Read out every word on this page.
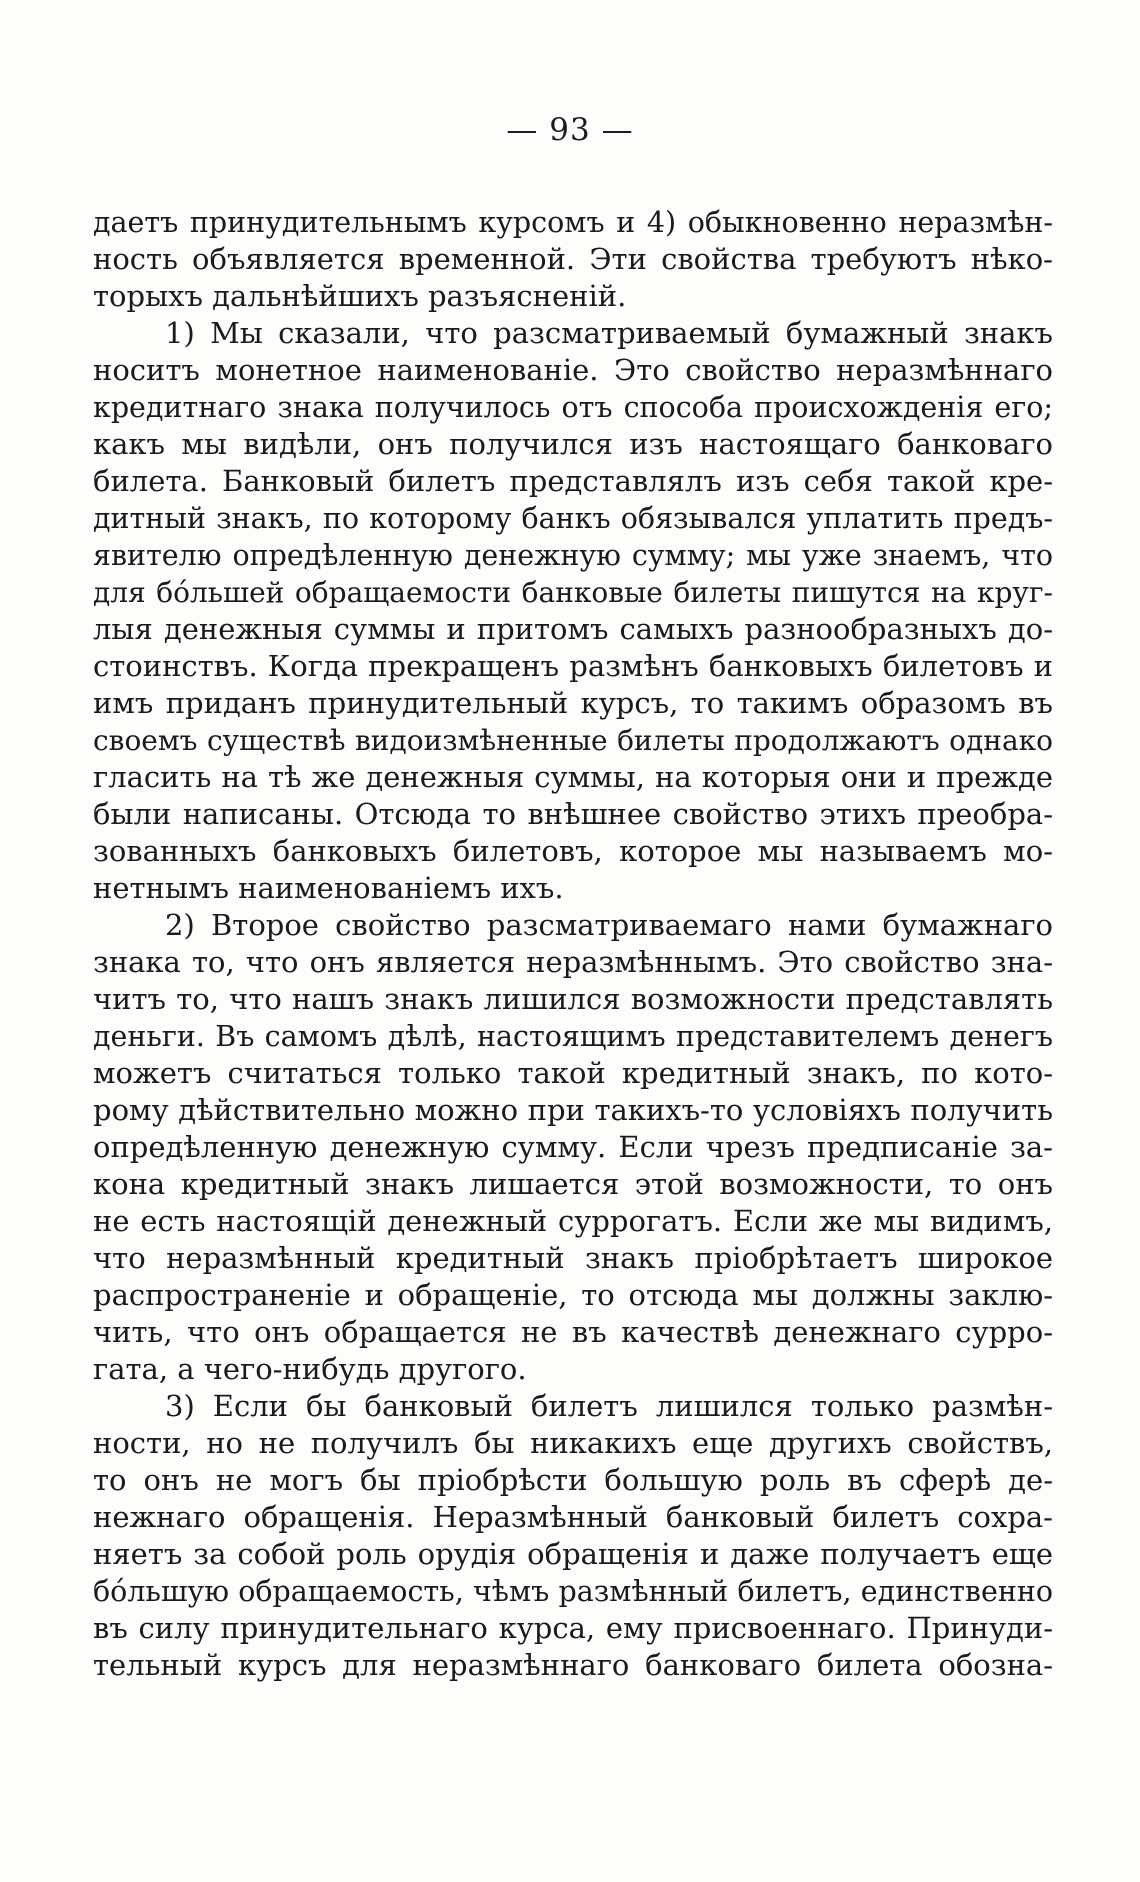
— 93 —
даетъ принудительнымъ курсомъ и 4) обыкновенно неразмѣн-
ность объявляется временной. Эти свойства требуютъ нѣко-
торыхъ дальнѣйшихъ разъясненій.
1) Мы сказали, что разсматриваемый бумажный знакъ
носитъ монетное наименованіе. Это свойство неразмѣннаго
кредитнаго знака получилось отъ способа происхожденія его;
какъ мы видѣли, онъ получился изъ настоящаго банковаго
билета. Банковый билетъ представлялъ изъ себя такой кре-
дитный знакъ, по которому банкъ обязывался уплатить предъ-
явителю опредѣленную денежную сумму; мы уже знаемъ, что
для бо́льшей обращаемости банковые билеты пишутся на круг-
лыя денежныя суммы и притомъ самыхъ разнообразныхъ до-
стоинствъ. Когда прекращенъ размѣнъ банковыхъ билетовъ и
имъ приданъ принудительный курсъ, то такимъ образомъ въ
своемъ существѣ видоизмѣненные билеты продолжаютъ однако
гласить на тѣ же денежныя суммы, на которыя они и прежде
были написаны. Отсюда то внѣшнее свойство этихъ преобра-
зованныхъ банковыхъ билетовъ, которое мы называемъ мо-
нетнымъ наименованіемъ ихъ.
2) Второе свойство разсматриваемаго нами бумажнаго
знака то, что онъ является неразмѣннымъ. Это свойство зна-
читъ то, что нашъ знакъ лишился возможности представлять
деньги. Въ самомъ дѣлѣ, настоящимъ представителемъ денегъ
можетъ считаться только такой кредитный знакъ, по кото-
рому дѣйствительно можно при такихъ-то условіяхъ получить
опредѣленную денежную сумму. Если чрезъ предписаніе за-
кона кредитный знакъ лишается этой возможности, то онъ
не есть настоящій денежный суррогатъ. Если же мы видимъ,
что неразмѣнный кредитный знакъ пріобрѣтаетъ широкое
распространеніе и обращеніе, то отсюда мы должны заклю-
чить, что онъ обращается не въ качествѣ денежнаго сурро-
гата, а чего-нибудь другого.
3) Если бы банковый билетъ лишился только размѣн-
ности, но не получилъ бы никакихъ еще другихъ свойствъ,
то онъ не могъ бы пріобрѣсти большую роль въ сферѣ де-
нежнаго обращенія. Неразмѣнный банковый билетъ сохра-
няетъ за собой роль орудія обращенія и даже получаетъ еще
бо́льшую обращаемость, чѣмъ размѣнный билетъ, единственно
въ силу принудительнаго курса, ему присвоеннаго. Принуди-
тельный курсъ для неразмѣннаго банковаго билета обозна-
